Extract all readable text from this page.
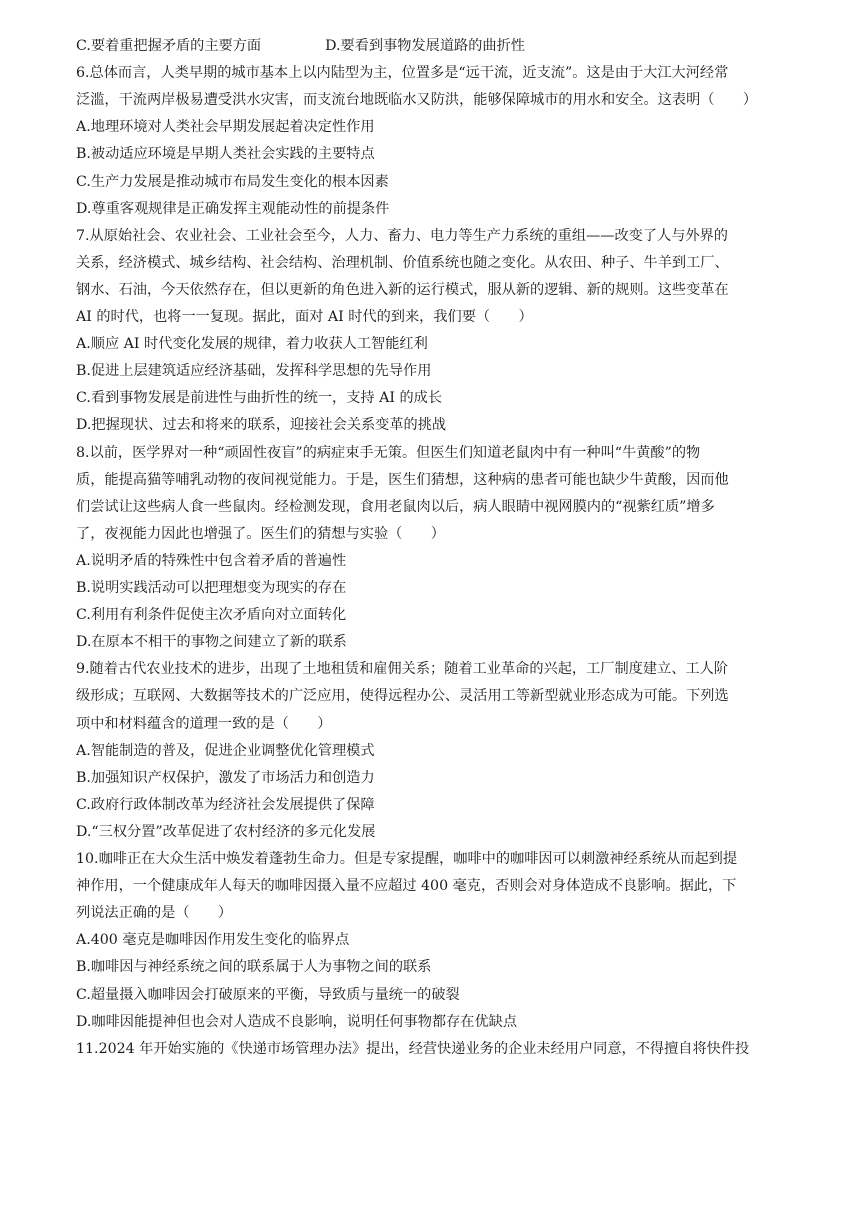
C.要着重把握矛盾的主要方面	D.要看到事物发展道路的曲折性
6.总体而言，人类早期的城市基本上以内陆型为主，位置多是“远干流，近支流”。这是由于大江大河经常
泛滥，干流两岸极易遭受洪水灾害，而支流台地既临水又防洪，能够保障城市的用水和安全。这表明（　　）
A.地理环境对人类社会早期发展起着决定性作用
B.被动适应环境是早期人类社会实践的主要特点
C.生产力发展是推动城市布局发生变化的根本因素
D.尊重客观规律是正确发挥主观能动性的前提条件
7.从原始社会、农业社会、工业社会至今，人力、畜力、电力等生产力系统的重组——改变了人与外界的
关系，经济模式、城乡结构、社会结构、治理机制、价值系统也随之变化。从农田、种子、牛羊到工厂、
钢水、石油，今天依然存在，但以更新的角色进入新的运行模式，服从新的逻辑、新的规则。这些变革在
AI 的时代，也将一一复现。据此，面对 AI 时代的到来，我们要（　　）
A.顺应 AI 时代变化发展的规律，着力收获人工智能红利
B.促进上层建筑适应经济基础，发挥科学思想的先导作用
C.看到事物发展是前进性与曲折性的统一，支持 AI 的成长
D.把握现状、过去和将来的联系，迎接社会关系变革的挑战
8.以前，医学界对一种“顽固性夜盲”的病症束手无策。但医生们知道老鼠肉中有一种叫“牛黄酸”的物
质，能提高猫等哺乳动物的夜间视觉能力。于是，医生们猜想，这种病的患者可能也缺少牛黄酸，因而他
们尝试让这些病人食一些鼠肉。经检测发现，食用老鼠肉以后，病人眼睛中视网膜内的“视紫红质”增多
了，夜视能力因此也增强了。医生们的猜想与实验（　　）
A.说明矛盾的特殊性中包含着矛盾的普遍性
B.说明实践活动可以把理想变为现实的存在
C.利用有利条件促使主次矛盾向对立面转化
D.在原本不相干的事物之间建立了新的联系
9.随着古代农业技术的进步，出现了土地租赁和雇佣关系；随着工业革命的兴起，工厂制度建立、工人阶
级形成；互联网、大数据等技术的广泛应用，使得远程办公、灵活用工等新型就业形态成为可能。下列选
项中和材料蕴含的道理一致的是（　　）
A.智能制造的普及，促进企业调整优化管理模式
B.加强知识产权保护，激发了市场活力和创造力
C.政府行政体制改革为经济社会发展提供了保障
D.“三权分置”改革促进了农村经济的多元化发展
10.咖啡正在大众生活中焕发着蓬勃生命力。但是专家提醒，咖啡中的咖啡因可以刺激神经系统从而起到提
神作用，一个健康成年人每天的咖啡因摄入量不应超过 400 毫克，否则会对身体造成不良影响。据此，下
列说法正确的是（　　）
A.400 毫克是咖啡因作用发生变化的临界点
B.咖啡因与神经系统之间的联系属于人为事物之间的联系
C.超量摄入咖啡因会打破原来的平衡，导致质与量统一的破裂
D.咖啡因能提神但也会对人造成不良影响，说明任何事物都存在优缺点
11.2024 年开始实施的《快递市场管理办法》提出，经营快递业务的企业未经用户同意，不得擅自将快件投
